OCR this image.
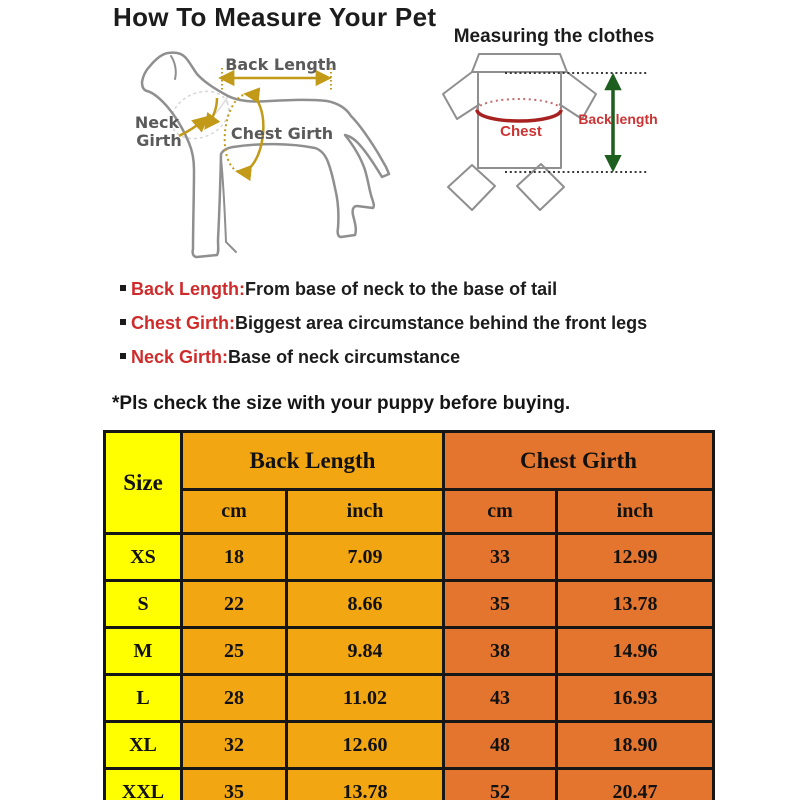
How To Measure Your Pet
Back Length
Neck
Girth	Chest Girth
Measuring the clothes
Chest
Back length
Back Length:From base of neck to the base of tail
Chest Girth:Biggest area circumstance behind the front legs
Neck Girth:Base of neck circumstance
*Pls check the size with your puppy before buying.
Size	Back Length		Chest Girth	
	cm	inch	cm	inch
XS	18	7.09	33	12.99
S	22	8.66	35	13.78
M	25	9.84	38	14.96
L	28	11.02	43	16.93
XL	32	12.60	48	18.90
XXL	35	13.78	52	20.47
